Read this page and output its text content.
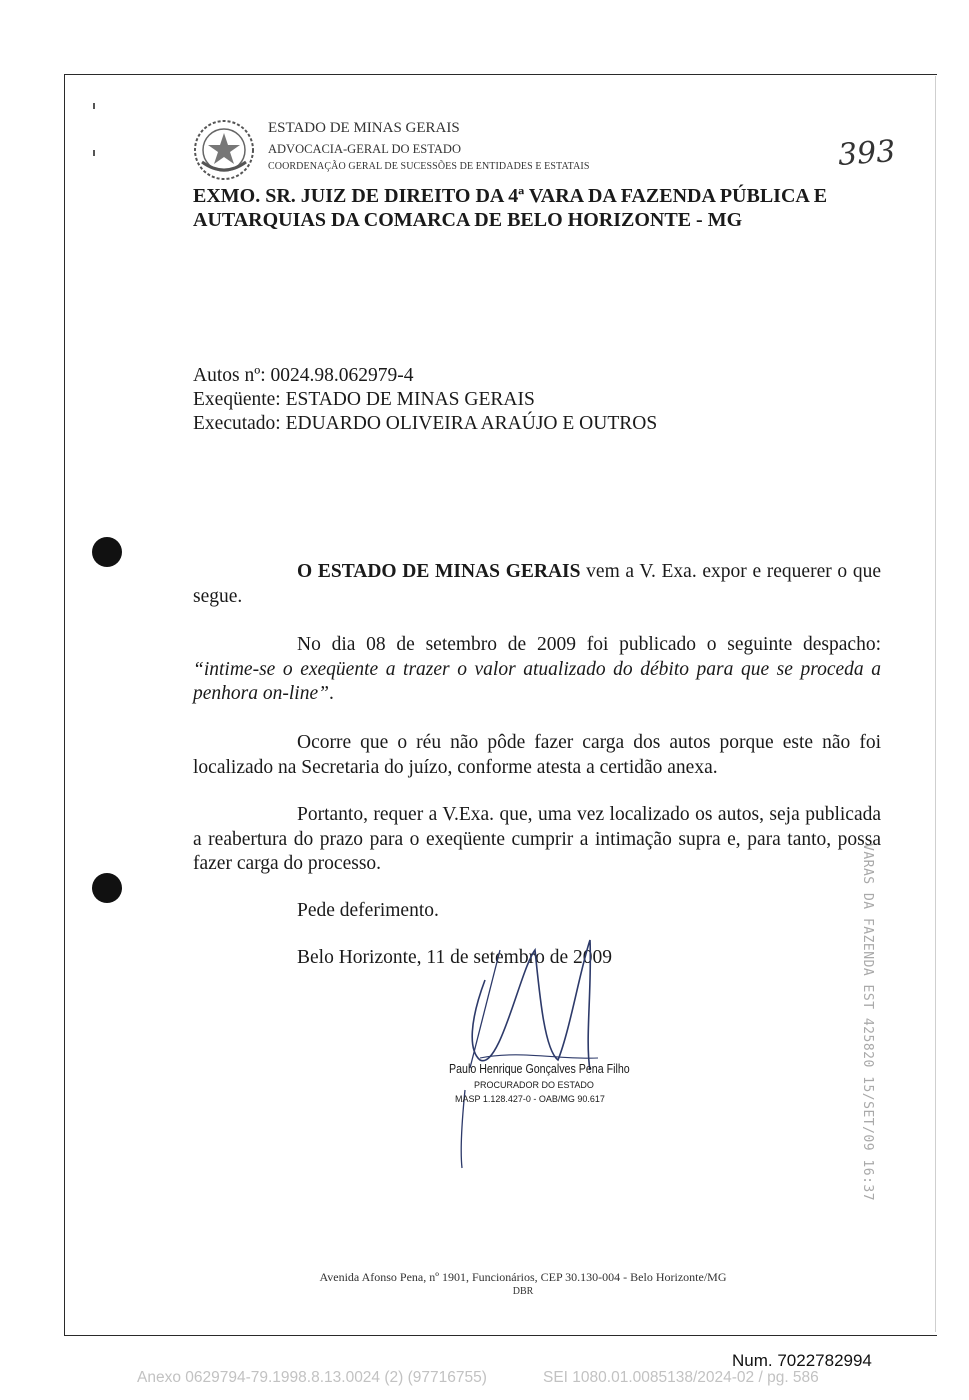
ESTADO DE MINAS GERAIS
ADVOCACIA-GERAL DO ESTADO
COORDENAÇÃO GERAL DE SUCESSÕES DE ENTIDADES E ESTATAIS	393
EXMO. SR. JUIZ DE DIREITO DA 4ª VARA DA FAZENDA PÚBLICA E
AUTARQUIAS DA COMARCA DE BELO HORIZONTE - MG
Autos nº: 0024.98.062979-4
Exeqüente: ESTADO DE MINAS GERAIS
Executado: EDUARDO OLIVEIRA ARAÚJO E OUTROS

O ESTADO DE MINAS GERAIS vem a V. Exa. expor e requerer o que segue.

No dia 08 de setembro de 2009 foi publicado o seguinte despacho: “intime-se o exeqüente a trazer o valor atualizado do débito para que se proceda a penhora on-line”.

Ocorre que o réu não pôde fazer carga dos autos porque este não foi localizado na Secretaria do juízo, conforme atesta a certidão anexa.

Portanto, requer a V.Exa. que, uma vez localizado os autos, seja publicada a reabertura do prazo para o exeqüente cumprir a intimação supra e, para tanto, possa fazer carga do processo.

Pede deferimento.

Belo Horizonte, 11 de setembro de 2009

Paulo Henrique Gonçalves Pena Filho
PROCURADOR DO ESTADO
MASP 1.128.427-0 - OAB/MG 90.617	VARAS DA FAZENDA EST 425820 15/SET/09 16:37
Avenida Afonso Pena, nº 1901, Funcionários, CEP 30.130-004 - Belo Horizonte/MG
DBR
Num. 7022782994
Anexo 0629794-79.1998.8.13.0024 (2) (97716755)	SEI 1080.01.0085138/2024-02 / pg. 586
